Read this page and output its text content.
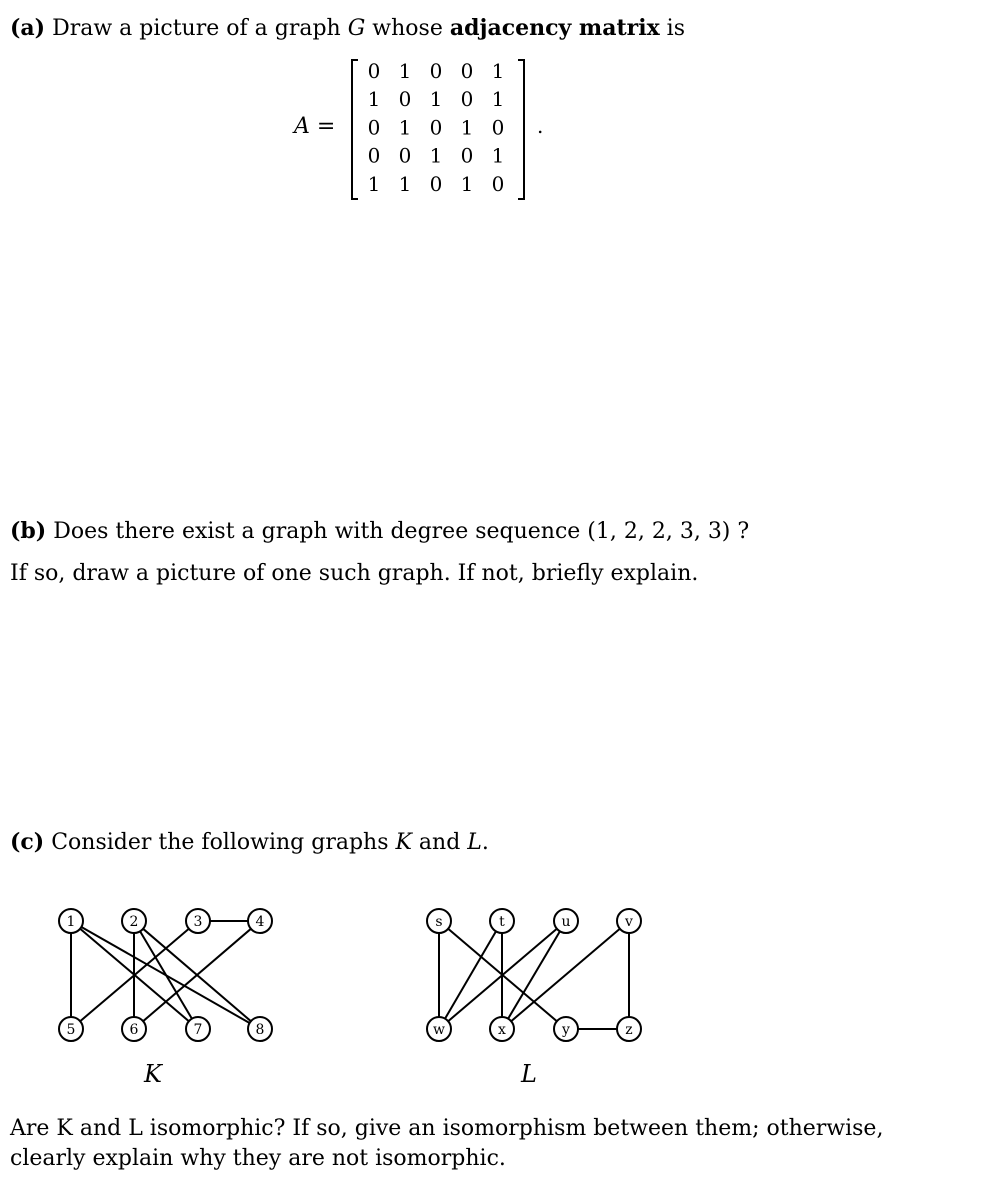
(a) Draw a picture of a graph G whose adjacency matrix is
A =
0 1 0 0 1
1 0 1 0 1
0 1 0 1 0
0 0 1 0 1
1 1 0 1 0
.
(b) Does there exist a graph with degree sequence (1, 2, 2, 3, 3) ?
If so, draw a picture of one such graph. If not, briefly explain.
(c) Consider the following graphs K and L.
1	2	3	4
5	6	7	8
s	t	u	v
w	x	y	z
K	L
Are K and L isomorphic? If so, give an isomorphism between them; otherwise, clearly explain why they are not isomorphic.
